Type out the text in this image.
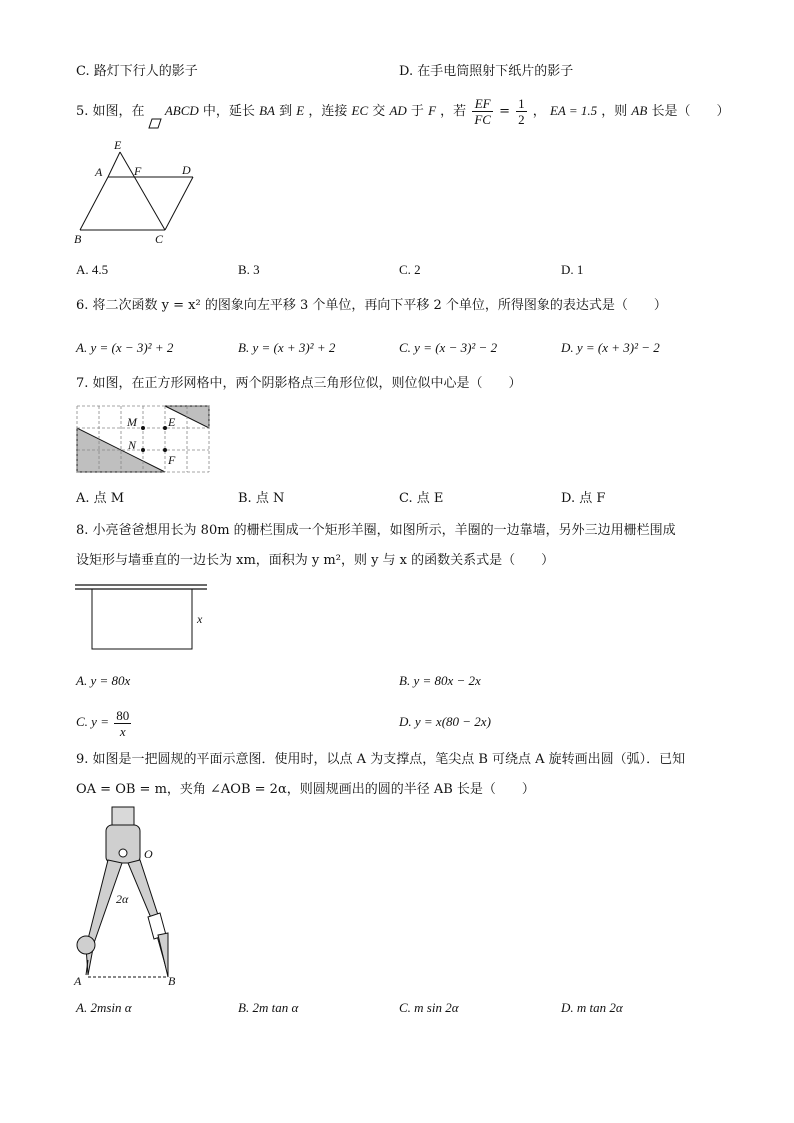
C. 路灯下行人的影子	D. 在手电筒照射下纸片的影子
5. 如图，在 ABCD 中，延长 BA 到 E ，连接 EC 交 AD 于 F ，若 $\frac{EF}{FC} = \frac{1}{2}$ ， EA = 1.5 ，则 AB 长是（　　）
E
A	F	D
B	C
A. 4.5	B. 3	C. 2	D. 1
6. 将二次函数 y = x² 的图象向左平移 3 个单位，再向下平移 2 个单位，所得图象的表达式是（　　）
A. y = (x − 3)² + 2	B. y = (x + 3)² + 2	C. y = (x − 3)² − 2	D. y = (x + 3)² − 2
7. 如图，在正方形网格中，两个阴影格点三角形位似，则位似中心是（　　）
M	E
N
F
A. 点 M	B. 点 N	C. 点 E	D. 点 F
8. 小亮爸爸想用长为 80m 的栅栏围成一个矩形羊圈，如图所示，羊圈的一边靠墙，另外三边用栅栏围成
设矩形与墙垂直的一边长为 xm，面积为 y m²，则 y 与 x 的函数关系式是（　　）
x
A. y = 80x	B. y = 80x − 2x
C. $y = \frac{80}{x}$	D. y = x(80 − 2x)
9. 如图是一把圆规的平面示意图．使用时，以点 A 为支撑点，笔尖点 B 可绕点 A 旋转画出圆（弧）．已知
OA = OB = m，夹角 ∠AOB = 2α，则圆规画出的圆的半径 AB 长是（　　）
O
2α
A	B
A. 2msin α	B. 2m tan α	C. m sin 2α	D. m tan 2α
